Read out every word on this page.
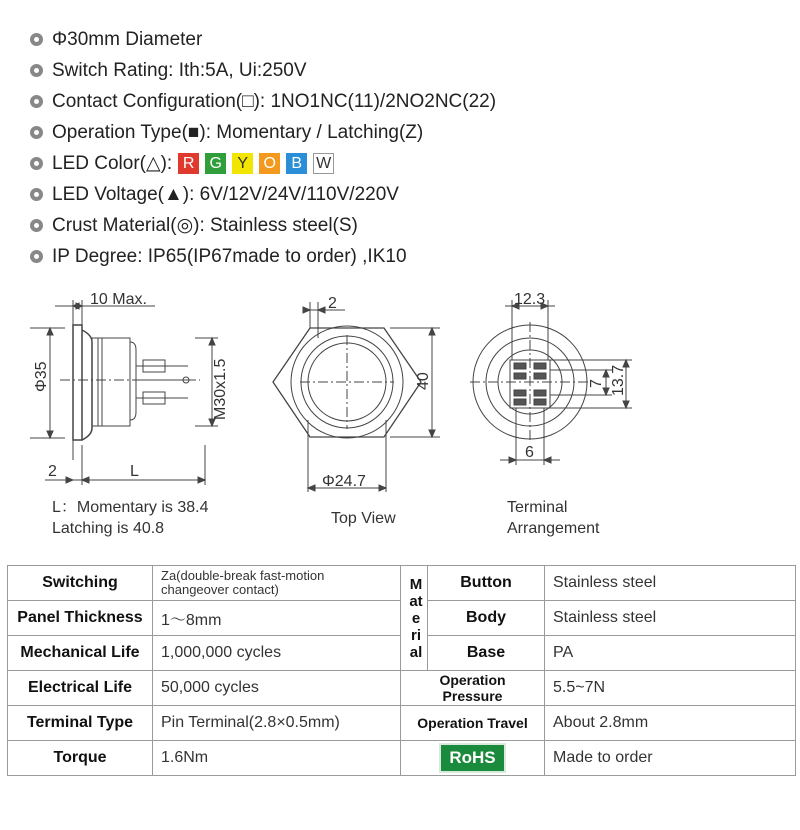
Φ30mm Diameter
Switch Rating: Ith:5A, Ui:250V
Contact Configuration(□): 1NO1NC(11)/2NO2NC(22)
Operation Type(■): Momentary / Latching(Z)
LED Color(△): R G Y O B W
LED Voltage(▲): 6V/12V/24V/110V/220V
Crust Material(◎): Stainless steel(S)
IP Degree: IP65(IP67made to order) ,IK10
10 Max.
Φ35	M30x1.5
2	L
2
40
Φ24.7
12.3
7 13.7
6
L：Momentary is 38.4
Latching is 40.8
Top View
Terminal
Arrangement
Switching	Za(double-break fast-motion changeover contact)	Material	Button	Stainless steel
Panel Thickness	1～8mm		Body	Stainless steel
Mechanical Life	1,000,000 cycles		Base	PA
Electrical Life	50,000 cycles	Operation Pressure		5.5~7N
Terminal Type	Pin Terminal(2.8×0.5mm)	Operation Travel		About 2.8mm
Torque	1.6Nm	RoHS		Made to order
